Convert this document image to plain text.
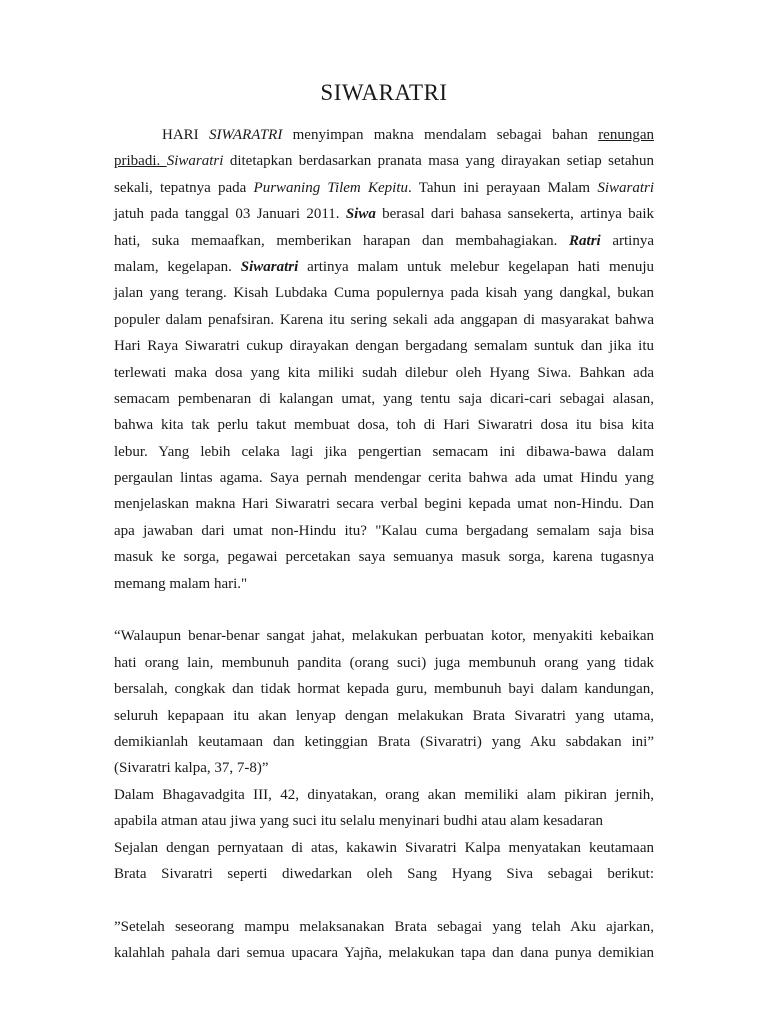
SIWARATRI
HARI SIWARATRI menyimpan makna mendalam sebagai bahan renungan
pribadi. Siwaratri ditetapkan berdasarkan pranata masa yang dirayakan setiap setahun
sekali, tepatnya pada Purwaning Tilem Kepitu. Tahun ini perayaan Malam Siwaratri
jatuh pada tanggal 03 Januari 2011. Siwa berasal dari bahasa sansekerta, artinya baik
hati, suka memaafkan, memberikan harapan dan membahagiakan. Ratri artinya
malam, kegelapan. Siwaratri artinya malam untuk melebur kegelapan hati menuju
jalan yang terang. Kisah Lubdaka Cuma populernya pada kisah yang dangkal, bukan
populer dalam penafsiran. Karena itu sering sekali ada anggapan di masyarakat bahwa
Hari Raya Siwaratri cukup dirayakan dengan bergadang semalam suntuk dan jika itu
terlewati maka dosa yang kita miliki sudah dilebur oleh Hyang Siwa. Bahkan ada
semacam pembenaran di kalangan umat, yang tentu saja dicari-cari sebagai alasan,
bahwa kita tak perlu takut membuat dosa, toh di Hari Siwaratri dosa itu bisa kita
lebur. Yang lebih celaka lagi jika pengertian semacam ini dibawa-bawa dalam
pergaulan lintas agama. Saya pernah mendengar cerita bahwa ada umat Hindu yang
menjelaskan makna Hari Siwaratri secara verbal begini kepada umat non-Hindu. Dan
apa jawaban dari umat non-Hindu itu? "Kalau cuma bergadang semalam saja bisa
masuk ke sorga, pegawai percetakan saya semuanya masuk sorga, karena tugasnya
memang malam hari."
“Walaupun benar-benar sangat jahat, melakukan perbuatan kotor, menyakiti kebaikan
hati orang lain, membunuh pandita (orang suci) juga membunuh orang yang tidak
bersalah, congkak dan tidak hormat kepada guru, membunuh bayi dalam kandungan,
seluruh kepapaan itu akan lenyap dengan melakukan Brata Sivaratri yang utama,
demikianlah keutamaan dan ketinggian Brata (Sivaratri) yang Aku sabdakan ini”
(Sivaratri kalpa, 37, 7-8)”
Dalam Bhagavadgita III, 42, dinyatakan, orang akan memiliki alam pikiran jernih,
apabila atman atau jiwa yang suci itu selalu menyinari budhi atau alam kesadaran
Sejalan dengan pernyataan di atas, kakawin Sivaratri Kalpa menyatakan keutamaan
Brata Sivaratri seperti diwedarkan oleh Sang Hyang Siva sebagai berikut:
”Setelah seseorang mampu melaksanakan Brata sebagai yang telah Aku ajarkan,
kalahlah pahala dari semua upacara Yajña, melakukan tapa dan dana punya demikian
